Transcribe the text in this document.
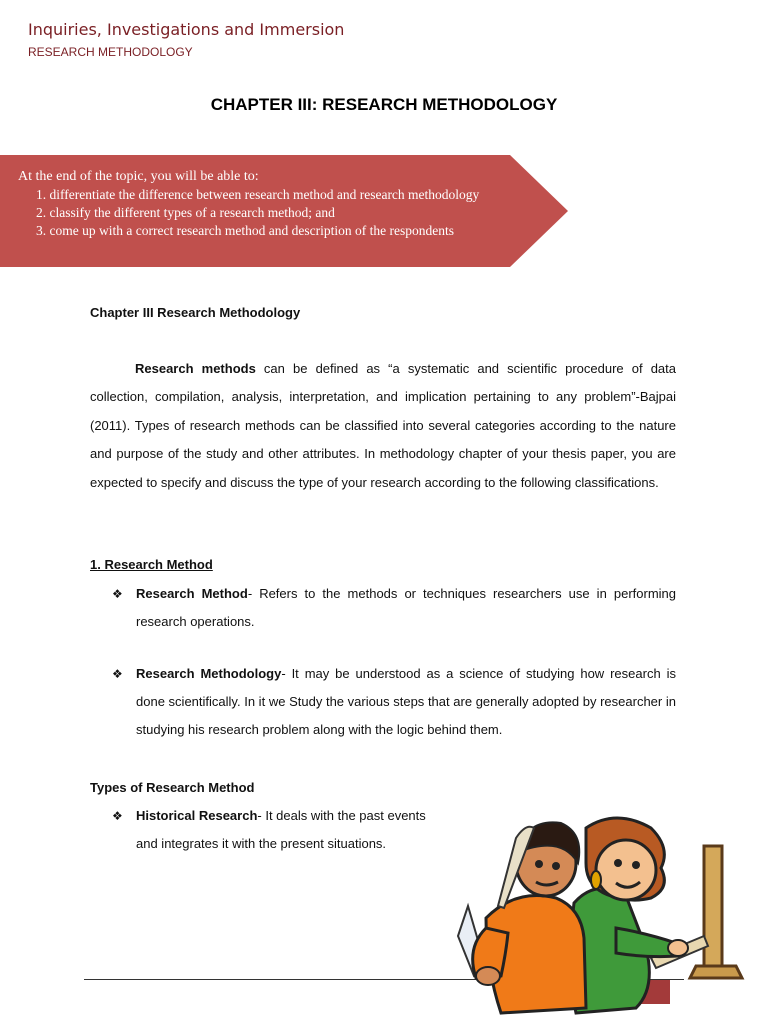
Inquiries, Investigations and Immersion
RESEARCH METHODOLOGY
CHAPTER III: RESEARCH METHODOLOGY
At the end of the topic, you will be able to:
1. differentiate the difference between research method and research methodology
2. classify the different types of a research method; and
3. come up with a correct research method and description of the respondents
Chapter III Research Methodology
Research methods can be defined as “a systematic and scientific procedure of data collection, compilation, analysis, interpretation, and implication pertaining to any problem”-Bajpai (2011). Types of research methods can be classified into several categories according to the nature and purpose of the study and other attributes. In methodology chapter of your thesis paper, you are expected to specify and discuss the type of your research according to the following classifications.
1. Research Method
❖ Research Method- Refers to the methods or techniques researchers use in performing research operations.
❖ Research Methodology- It may be understood as a science of studying how research is done scientifically. In it we Study the various steps that are generally adopted by researcher in studying his research problem along with the logic behind them.
Types of Research Method
❖ Historical Research- It deals with the past events and integrates it with the present situations.
